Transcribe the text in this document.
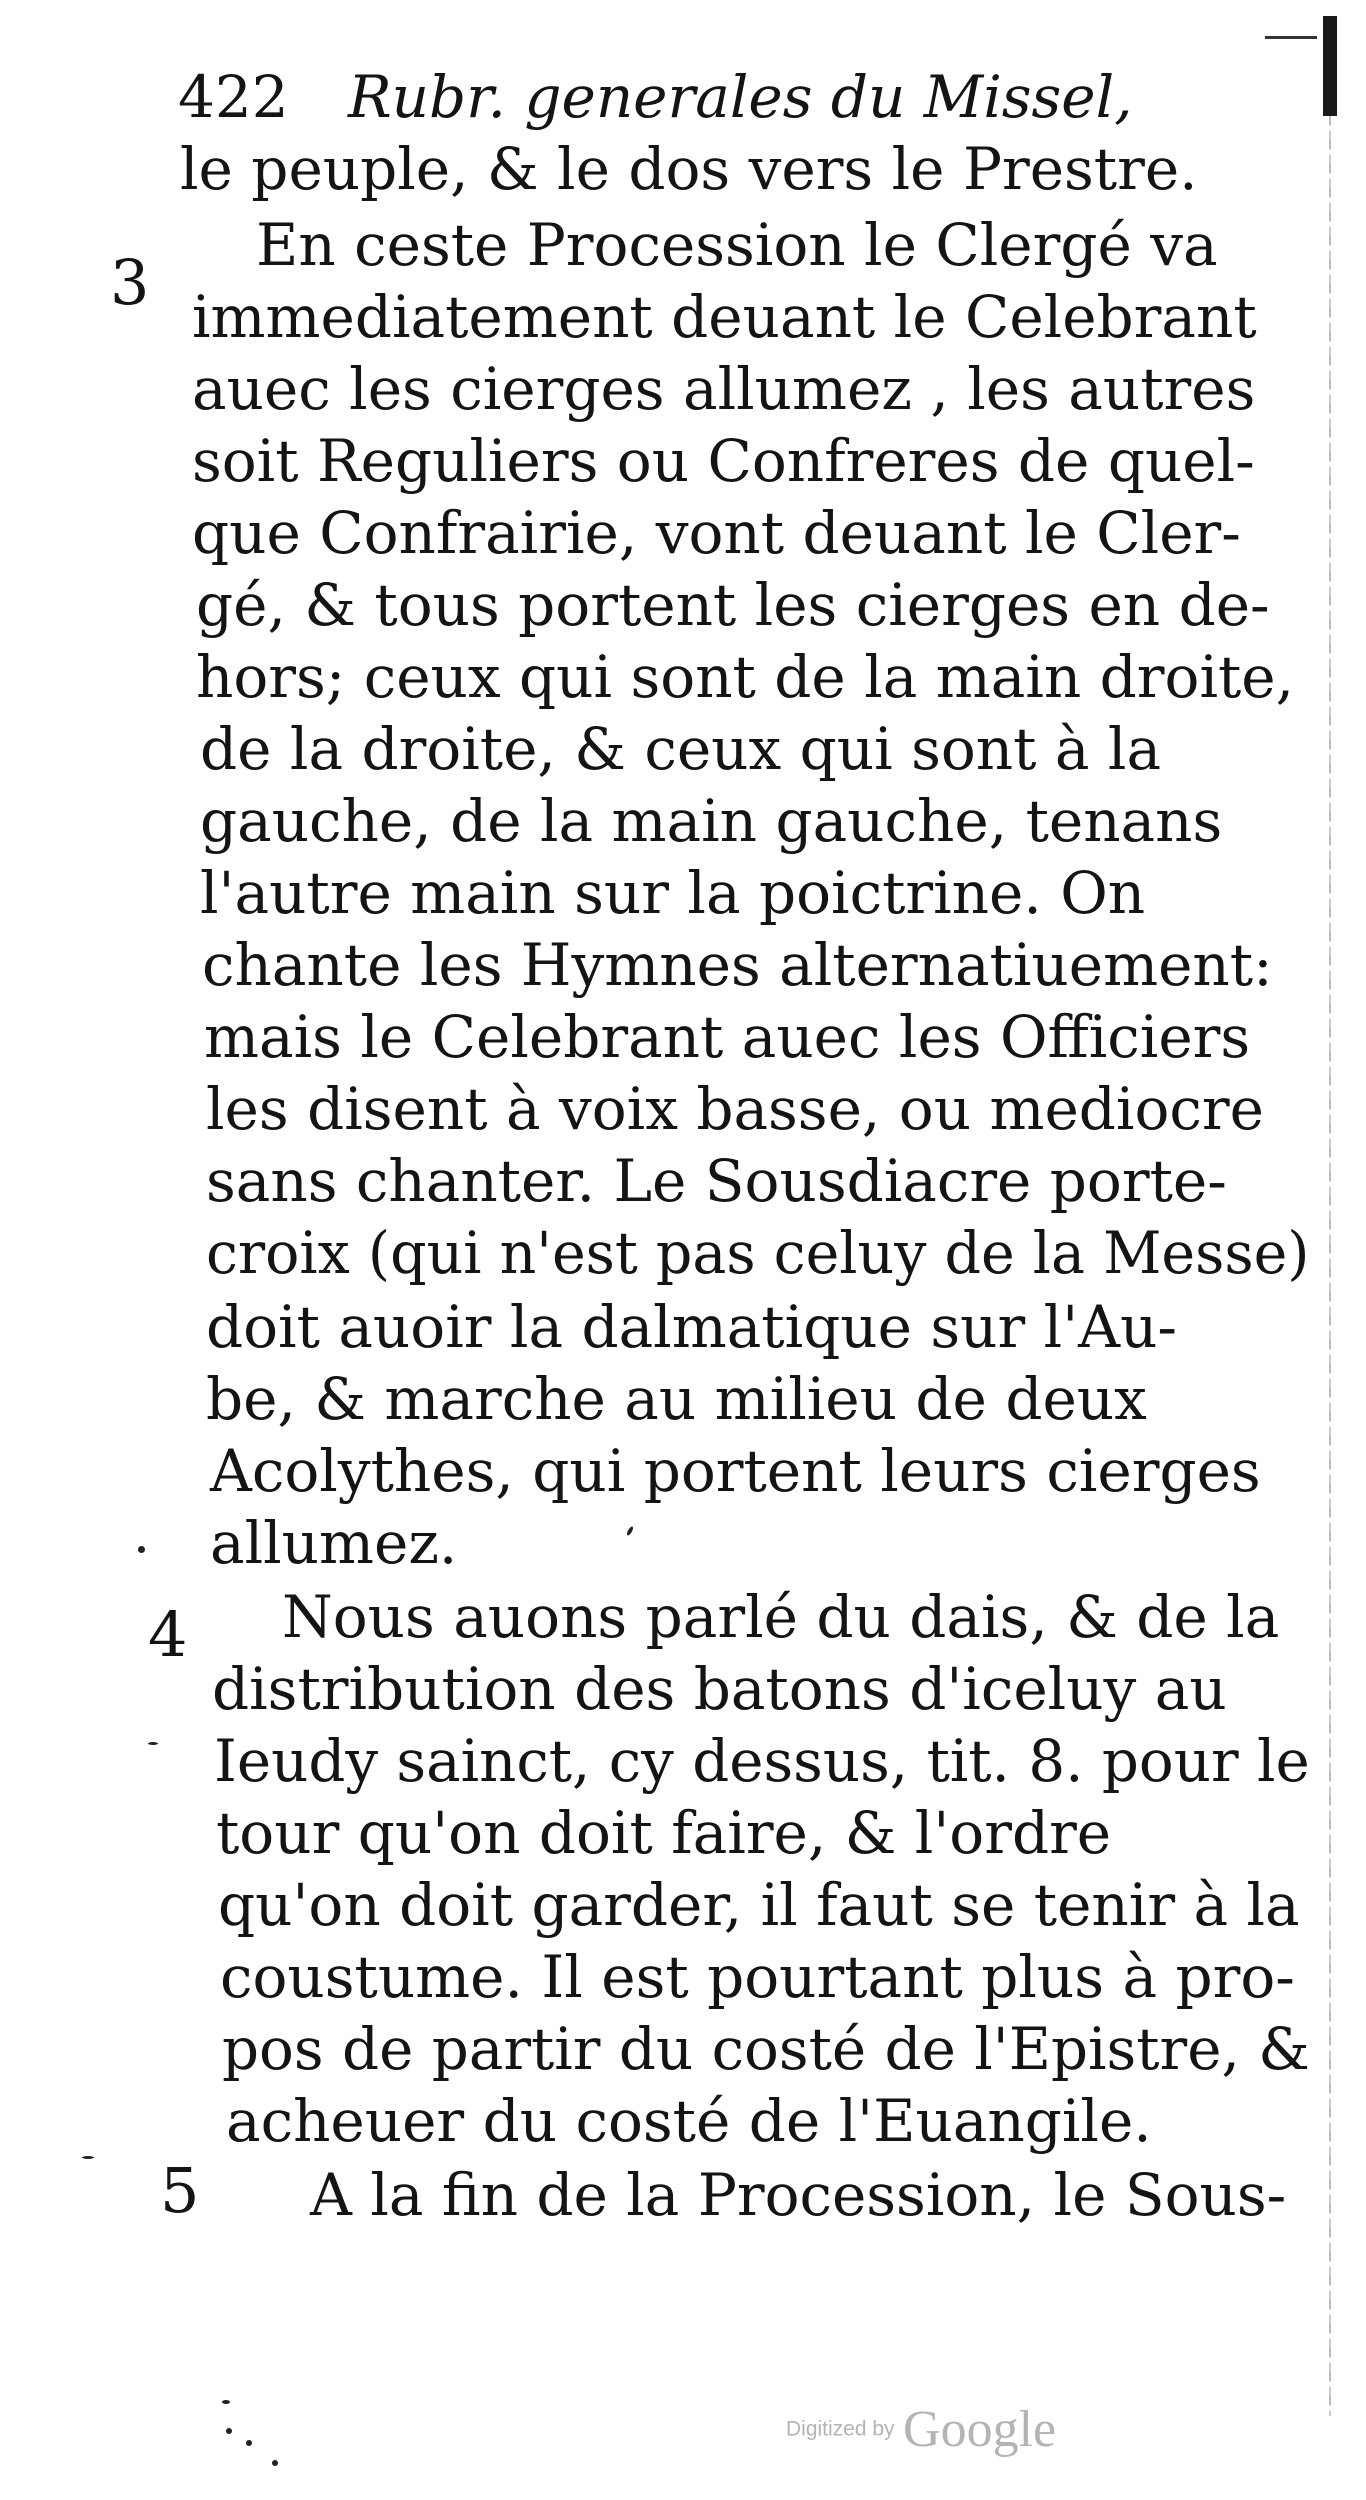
422 Rubr. generales du Missel,
3
4
5
le peuple, & le dos vers le Prestre.
En ceste Procession le Clergé va
immediatement deuant le Celebrant
auec les cierges allumez , les autres
soit Reguliers ou Confreres de quel-
que Confrairie, vont deuant le Cler-
gé, & tous portent les cierges en de-
hors; ceux qui sont de la main droite,
de la droite, & ceux qui sont à la
gauche, de la main gauche, tenans
l'autre main sur la poictrine. On
chante les Hymnes alternatiuement:
mais le Celebrant auec les Officiers
les disent à voix basse, ou mediocre
sans chanter. Le Sousdiacre porte-
croix (qui n'est pas celuy de la Messe)
doit auoir la dalmatique sur l'Au-
be, & marche au milieu de deux
Acolythes, qui portent leurs cierges
allumez.
Nous auons parlé du dais, & de la
distribution des batons d'iceluy au
Ieudy sainct, cy dessus, tit. 8. pour le
tour qu'on doit faire, & l'ordre
qu'on doit garder, il faut se tenir à la
coustume. Il est pourtant plus à pro-
pos de partir du costé de l'Epistre, &
acheuer du costé de l'Euangile.
A la fin de la Procession, le Sous-
Digitized by Google
